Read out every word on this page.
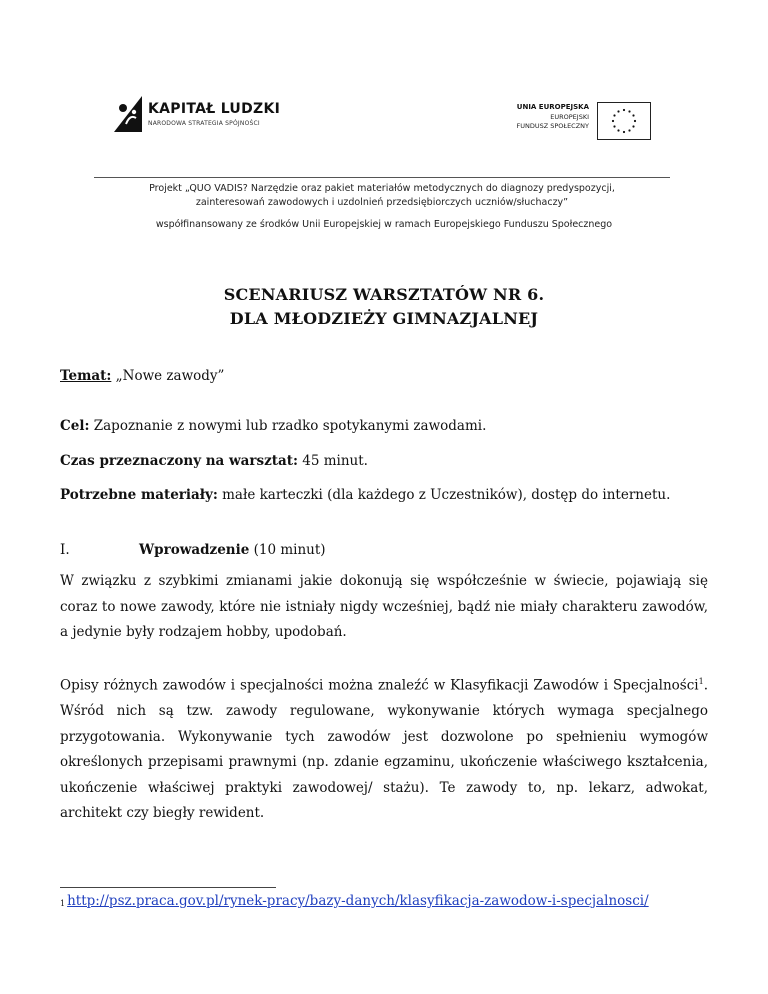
KAPITAŁ LUDZKI
NARODOWA STRATEGIA SPÓJNOŚCI
UNIA EUROPEJSKA
EUROPEJSKI
FUNDUSZ SPOŁECZNY
Projekt „QUO VADIS? Narzędzie oraz pakiet materiałów metodycznych do diagnozy predyspozycji,
zainteresowań zawodowych i uzdolnień przedsiębiorczych uczniów/słuchaczy”
współfinansowany ze środków Unii Europejskiej w ramach Europejskiego Funduszu Społecznego
SCENARIUSZ WARSZTATÓW NR 6.
DLA MŁODZIEŻY GIMNAZJALNEJ
Temat: „Nowe zawody”
Cel: Zapoznanie z nowymi lub rzadko spotykanymi zawodami.
Czas przeznaczony na warsztat: 45 minut.
Potrzebne materiały: małe karteczki (dla każdego z Uczestników), dostęp do internetu.
I.	Wprowadzenie (10 minut)
W związku z szybkimi zmianami jakie dokonują się współcześnie w świecie, pojawiają się coraz to nowe zawody, które nie istniały nigdy wcześniej, bądź nie miały charakteru zawodów, a jedynie były rodzajem hobby, upodobań.
Opisy różnych zawodów i specjalności można znaleźć w Klasyfikacji Zawodów i Specjalności$^1$. Wśród nich są tzw. zawody regulowane, wykonywanie których wymaga specjalnego przygotowania. Wykonywanie tych zawodów jest dozwolone po spełnieniu wymogów określonych przepisami prawnymi (np. zdanie egzaminu, ukończenie właściwego kształcenia, ukończenie właściwej praktyki zawodowej/ stażu). Te zawody to, np. lekarz, adwokat, architekt czy biegły rewident.
$^1$ http://psz.praca.gov.pl/rynek-pracy/bazy-danych/klasyfikacja-zawodow-i-specjalnosci/
